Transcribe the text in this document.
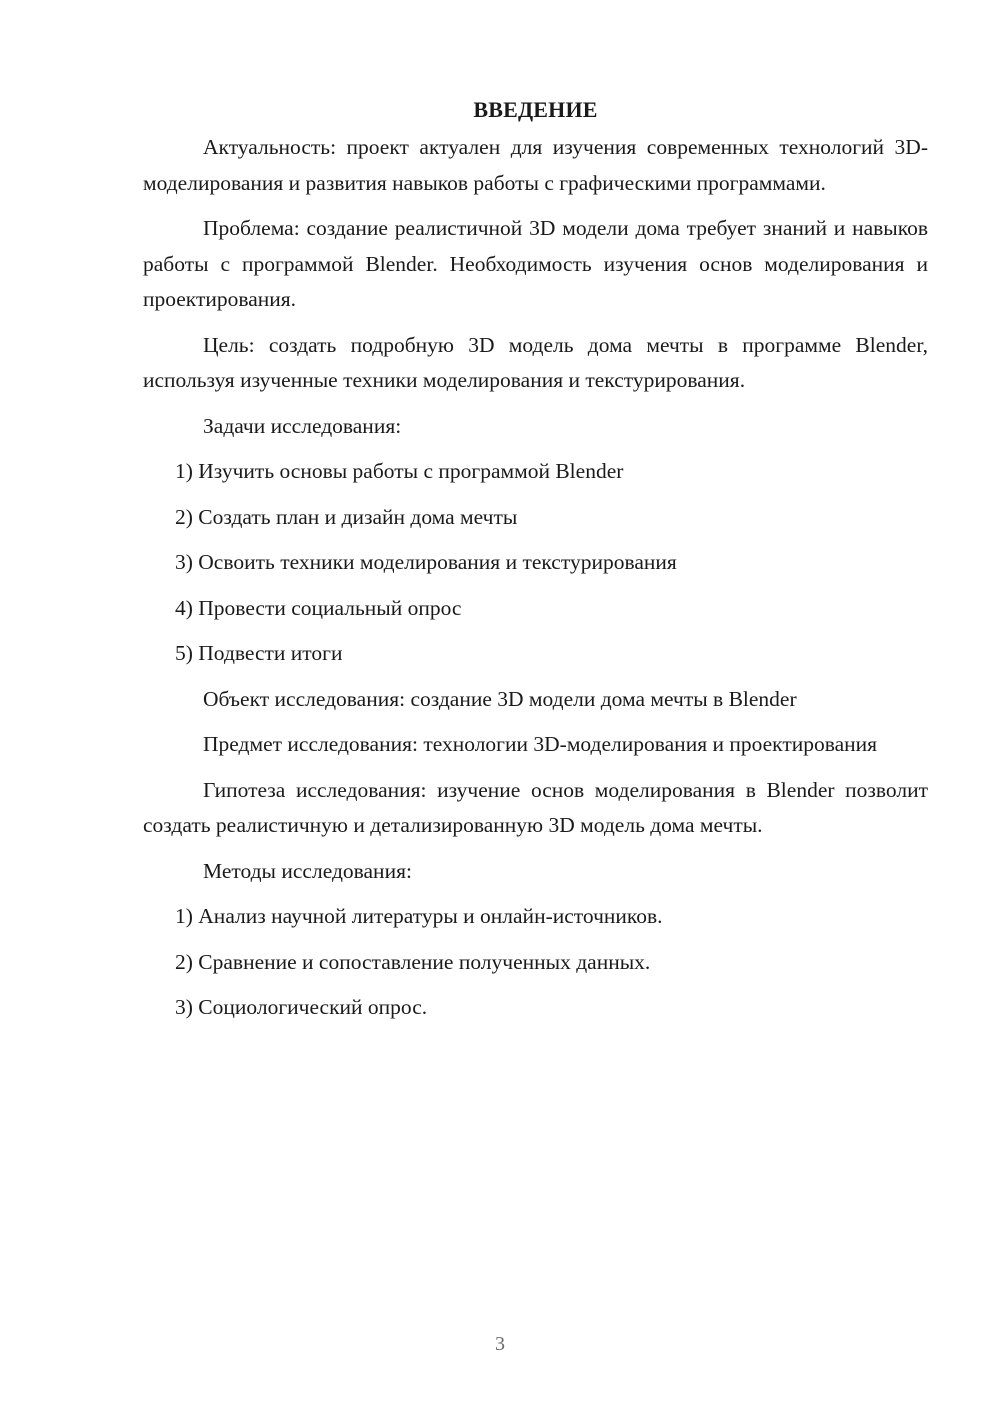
ВВЕДЕНИЕ

Актуальность: проект актуален для изучения современных технологий 3D-моделирования и развития навыков работы с графическими программами.

Проблема: создание реалистичной 3D модели дома требует знаний и навыков работы с программой Blender. Необходимость изучения основ моделирования и проектирования.

Цель: создать подробную 3D модель дома мечты в программе Blender, используя изученные техники моделирования и текстурирования.

Задачи исследования:

1) Изучить основы работы с программой Blender
2) Создать план и дизайн дома мечты
3) Освоить техники моделирования и текстурирования
4) Провести социальный опрос
5) Подвести итоги

Объект исследования: создание 3D модели дома мечты в Blender

Предмет исследования: технологии 3D-моделирования и проектирования

Гипотеза исследования: изучение основ моделирования в Blender позволит создать реалистичную и детализированную 3D модель дома мечты.

Методы исследования:

1) Анализ научной литературы и онлайн-источников.
2) Сравнение и сопоставление полученных данных.
3) Социологический опрос.
3
